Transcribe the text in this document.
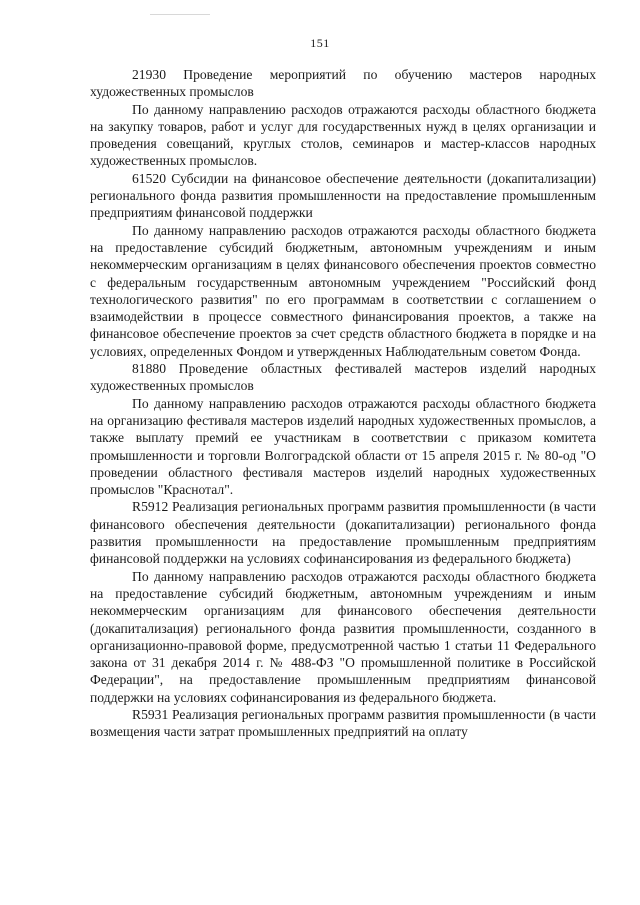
151

21930 Проведение мероприятий по обучению мастеров народных художественных промыслов

По данному направлению расходов отражаются расходы областного бюджета на закупку товаров, работ и услуг для государственных нужд в целях организации и проведения совещаний, круглых столов, семинаров и мастер-классов народных художественных промыслов.

61520 Субсидии на финансовое обеспечение деятельности (докапитализации) регионального фонда развития промышленности на предоставление промышленным предприятиям финансовой поддержки

По данному направлению расходов отражаются расходы областного бюджета на предоставление субсидий бюджетным, автономным учреждениям и иным некоммерческим организациям в целях финансового обеспечения проектов совместно с федеральным государственным автономным учреждением "Российский фонд технологического развития" по его программам в соответствии с соглашением о взаимодействии в процессе совместного финансирования проектов, а также на финансовое обеспечение проектов за счет средств областного бюджета в порядке и на условиях, определенных Фондом и утвержденных Наблюдательным советом Фонда.

81880 Проведение областных фестивалей мастеров изделий народных художественных промыслов

По данному направлению расходов отражаются расходы областного бюджета на организацию фестиваля мастеров изделий народных художественных промыслов, а также выплату премий ее участникам в соответствии с приказом комитета промышленности и торговли Волгоградской области от 15 апреля 2015 г. № 80-од "О проведении областного фестиваля мастеров изделий народных художественных промыслов "Краснотал".

R5912 Реализация региональных программ развития промышленности (в части финансового обеспечения деятельности (докапитализации) регионального фонда развития промышленности на предоставление промышленным предприятиям финансовой поддержки на условиях софинансирования из федерального бюджета)

По данному направлению расходов отражаются расходы областного бюджета на предоставление субсидий бюджетным, автономным учреждениям и иным некоммерческим организациям для финансового обеспечения деятельности (докапитализация) регионального фонда развития промышленности, созданного в организационно-правовой форме, предусмотренной частью 1 статьи 11 Федерального закона от 31 декабря 2014 г. № 488-ФЗ "О промышленной политике в Российской Федерации", на предоставление промышленным предприятиям финансовой поддержки на условиях софинансирования из федерального бюджета.

R5931 Реализация региональных программ развития промышленности (в части возмещения части затрат промышленных предприятий на оплату
